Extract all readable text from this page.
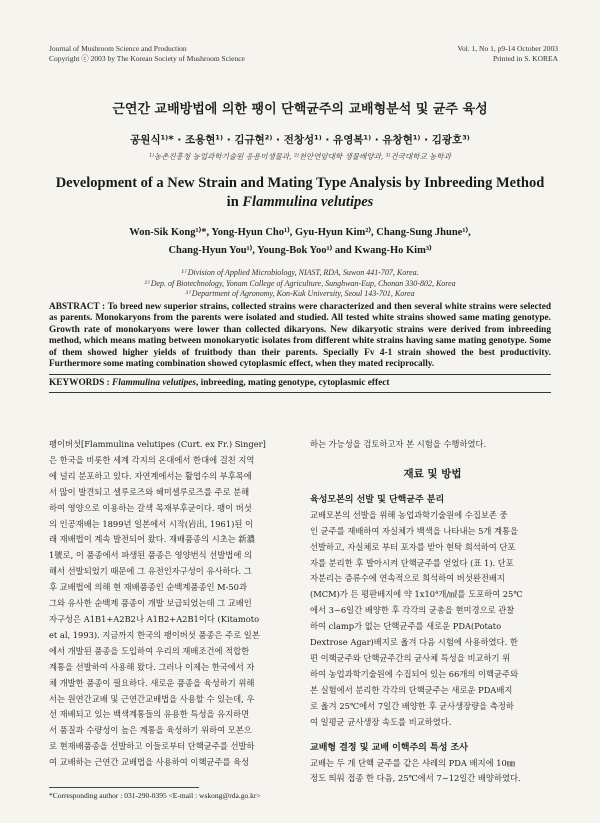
Journal of Mushroom Science and Production
Copyright ⓒ 2003 by The Korean Society of Mushroom Science
Vol. 1, No 1, p9-14 October 2003
Printed in S. KOREA
근연간 교배방법에 의한 팽이 단핵균주의 교배형분석 및 균주 육성
공원식¹⁾* · 조용현¹⁾ · 김규현²⁾ · 전창성¹⁾ · 유영복¹⁾ · 유창현¹⁾ · 김광호³⁾
¹⁾농촌진흥청 농업과학기술원 응용미생물과, ²⁾천안연암대학 생물배양과, ³⁾건국대학교 농학과
Development of a New Strain and Mating Type Analysis by Inbreeding Method
in Flammulina velutipes
Won-Sik Kong¹⁾*, Yong-Hyun Cho¹⁾, Gyu-Hyun Kim²⁾, Chang-Sung Jhune¹⁾,
Chang-Hyun You¹⁾, Young-Bok Yoo¹⁾ and Kwang-Ho Kim³⁾
¹⁾ Division of Applied Microbiology, NIAST, RDA, Suwon 441-707, Korea.
²⁾ Dep. of Biotechnology, Yonam College of Agriculture, Sunghwan-Eup, Chonan 330-802, Korea
³⁾ Department of Agronomy, Kon-Kuk University, Seoul 143-701, Korea
ABSTRACT : To breed new superior strains, collected strains were characterized and then several white strains were selected as parents. Monokaryons from the parents were isolated and studied. All tested white strains showed same mating genotype. Growth rate of monokaryons were lower than collected dikaryons. New dikaryotic strains were derived from inbreeding method, which means mating between monokaryotic isolates from different white strains having same mating genotype. Some of them showed higher yields of fruitbody than their parents. Specially Fv 4-1 strain showed the best productivity. Furthermore some mating combination showed cytoplasmic effect, when they mated reciprocally.
KEYWORDS : Flammulina velutipes, inbreeding, mating genotype, cytoplasmic effect
팽이버섯[Flammulina velutipes (Curt. ex Fr.) Singer]
은 한국을 비롯한 세계 각지의 온대에서 한대에 걸친 지역
에 널리 분포하고 있다. 자연계에서는 활엽수의 부후목에
서 많이 발견되고 셀루로즈와 헤미셀루로즈를 주로 분해
하여 영양으로 이용하는 갈색 목재부후균이다. 팽이 버섯
의 인공재배는 1899년 일본에서 시작(岩出, 1961)된 이
래 재배법이 계속 발전되어 왔다. 재배품종의 시초는 新濃
1號로, 이 품종에서 파생된 품종은 영양번식 선발법에 의
해서 선발되었기 때문에 그 유전인자구성이 유사하다. 그
후 교배법에 의해 현 재배품종인 순백계품종인 M-50과
그와 유사한 순백계 품종이 개발 보급되었는데 그 교배인
자구성은 A1B1+A2B2나 A1B2+A2B1이다 (Kitamoto
et al, 1993). 지금까지 한국의 팽이버섯 품종은 주로 일본
에서 개발된 품종을 도입하여 우리의 재배조건에 적합한
계통을 선발하여 사용해 왔다. 그러나 이제는 한국에서 자
체 개발한 품종이 필요하다. 새로운 품종을 육성하기 위해
서는 원연간교배 및 근연간교배법을 사용할 수 있는데, 우
선 재배되고 있는 백색계통들의 유용한 특성을 유지하면
서 품질과 수량성이 높은 계통을 육성하기 위하여 모본으
로 현재배품종을 선발하고 이들로부터 단핵균주를 선발하
여 교배하는 근연간 교배법을 사용하여 이핵균주를 육성
하는 가능성을 검토하고자 본 시험을 수행하였다.
재료 및 방법
육성모본의 선발 및 단핵균주 분리
교배모본의 선발을 위해 농업과학기술원에 수집보존 중
인 균주를 재배하여 자실체가 백색을 나타내는 5개 계통을
선발하고, 자실체로 부터 포자를 받아 현탁 희석하여 단포
자를 분리한 후 발아시켜 단핵균주를 얻었다 (표 1). 단포
자분리는 증류수에 연속적으로 희석하여 버섯완전배지
(MCM)가 든 평판배지에 약 1x10⁴개/㎖를 도포하여 25℃
에서 3~6일간 배양한 후 각각의 균총을 현미경으로 관찰
하여 clamp가 없는 단핵균주를 새로운 PDA(Potato
Dextrose Agar)배지로 옮겨 다음 시험에 사용하였다. 한
편 이핵균주와 단핵균주간의 균사체 특성을 비교하기 위
하여 농업과학기술원에 수집되어 있는 66개의 이핵균주와
본 실험에서 분리한 각각의 단핵균주는 새로운 PDA배지
로 옮겨 25℃에서 7일간 배양한 후 균사생장량을 측정하
여 일평균 균사생장 속도를 비교하였다.
교배형 결정 및 교배 이핵주의 특성 조사
교배는 두 개 단핵 균주를 같은 샤레의 PDA 배지에 10㎜
정도 띄워 접종 한 다음, 25℃에서 7~12일간 배양하였다.
*Corresponding author : 031-290-0395 <E-mail : wskong@rda.go.kr>
